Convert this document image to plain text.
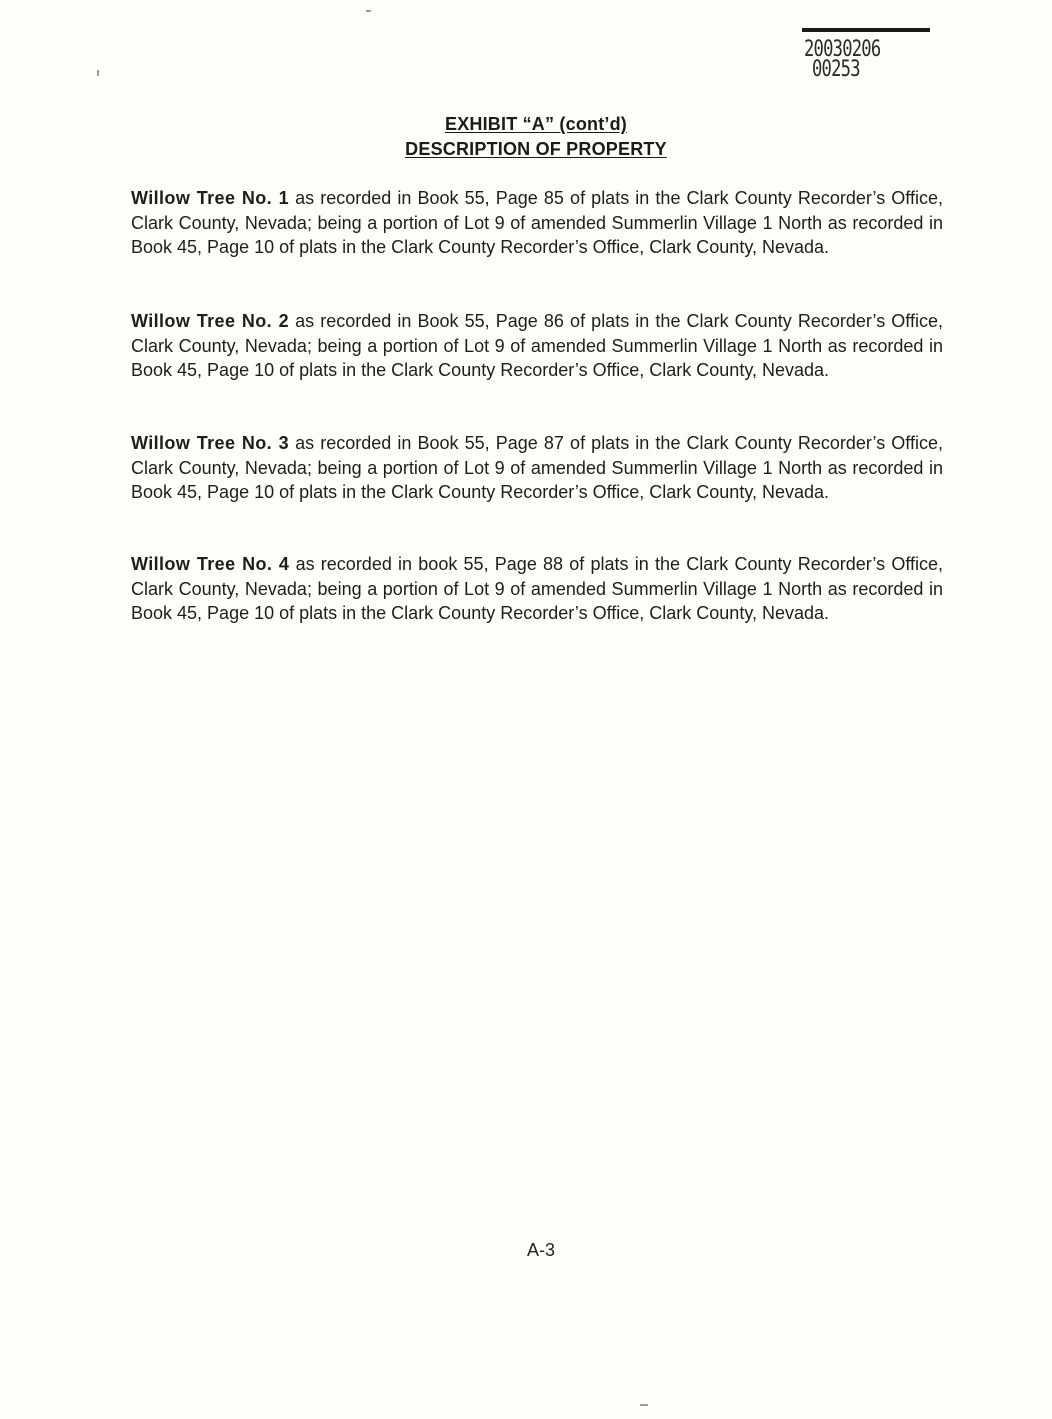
20030206
00253
EXHIBIT “A” (cont’d)
DESCRIPTION OF PROPERTY
Willow Tree No. 1 as recorded in Book 55, Page 85 of plats in the Clark County Recorder’s Office, Clark County, Nevada; being a portion of Lot 9 of amended Summerlin Village 1 North as recorded in Book 45, Page 10 of plats in the Clark County Recorder’s Office, Clark County, Nevada.
Willow Tree No. 2 as recorded in Book 55, Page 86 of plats in the Clark County Recorder’s Office, Clark County, Nevada; being a portion of Lot 9 of amended Summerlin Village 1 North as recorded in Book 45, Page 10 of plats in the Clark County Recorder’s Office, Clark County, Nevada.
Willow Tree No. 3 as recorded in Book 55, Page 87 of plats in the Clark County Recorder’s Office, Clark County, Nevada; being a portion of Lot 9 of amended Summerlin Village 1 North as recorded in Book 45, Page 10 of plats in the Clark County Recorder’s Office, Clark County, Nevada.
Willow Tree No. 4 as recorded in book 55, Page 88 of plats in the Clark County Recorder’s Office, Clark County, Nevada; being a portion of Lot 9 of amended Summerlin Village 1 North as recorded in Book 45, Page 10 of plats in the Clark County Recorder’s Office, Clark County, Nevada.
A-3
